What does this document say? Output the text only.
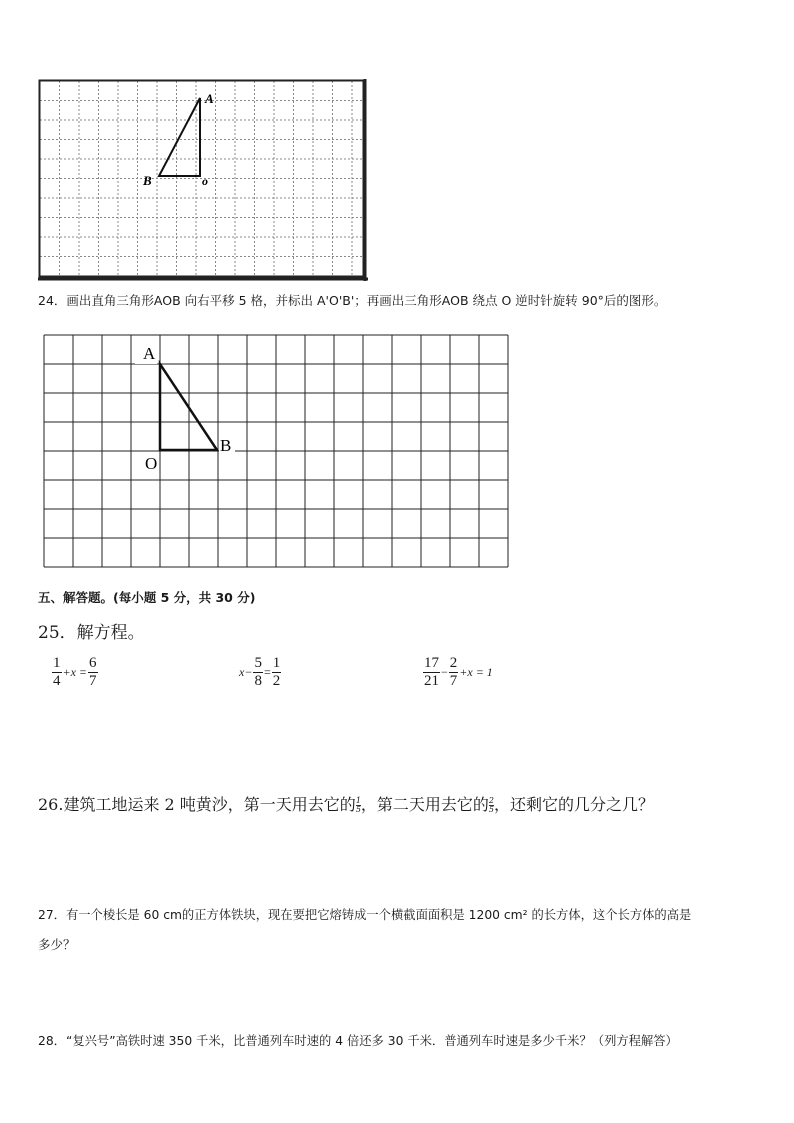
A
B	o
24．画出直角三角形AOB 向右平移 5 格，并标出 A'O'B'；再画出三角形AOB 绕点 O 逆时针旋转 90°后的图形。
A
O
B
五、解答题。(每小题 5 分，共 30 分)
25．解方程。
$\frac{1}{4} +x = \frac{6}{7}$	$x- \frac{5}{8} = \frac{1}{2}$	$\frac{17}{21} - \frac{2}{7} +x = 1$
26.建筑工地运来 2 吨黄沙，第一天用去它的 $\frac{1}{5}$ ，第二天用去它的 $\frac{2}{5}$ ，还剩它的几分之几？
27．有一个棱长是 60 cm的正方体铁块，现在要把它熔铸成一个横截面面积是 1200 cm² 的长方体，这个长方体的高是
多少？
28．“复兴号”高铁时速 350 千米，比普通列车时速的 4 倍还多 30 千米．普通列车时速是多少千米？（列方程解答）
